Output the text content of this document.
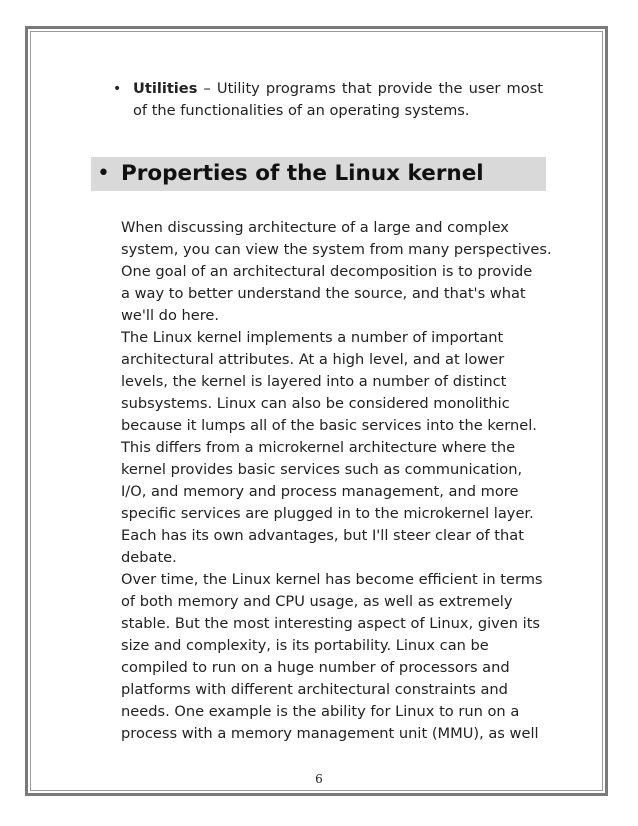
• Utilities – Utility programs that provide the user most of the functionalities of an operating systems.
• Properties of the Linux kernel
When discussing architecture of a large and complex
system, you can view the system from many perspectives.
One goal of an architectural decomposition is to provide
a way to better understand the source, and that's what
we'll do here.
The Linux kernel implements a number of important
architectural attributes. At a high level, and at lower
levels, the kernel is layered into a number of distinct
subsystems. Linux can also be considered monolithic
because it lumps all of the basic services into the kernel.
This differs from a microkernel architecture where the
kernel provides basic services such as communication,
I/O, and memory and process management, and more
specific services are plugged in to the microkernel layer.
Each has its own advantages, but I'll steer clear of that
debate.
Over time, the Linux kernel has become efficient in terms
of both memory and CPU usage, as well as extremely
stable. But the most interesting aspect of Linux, given its
size and complexity, is its portability. Linux can be
compiled to run on a huge number of processors and
platforms with different architectural constraints and
needs. One example is the ability for Linux to run on a
process with a memory management unit (MMU), as well
6
